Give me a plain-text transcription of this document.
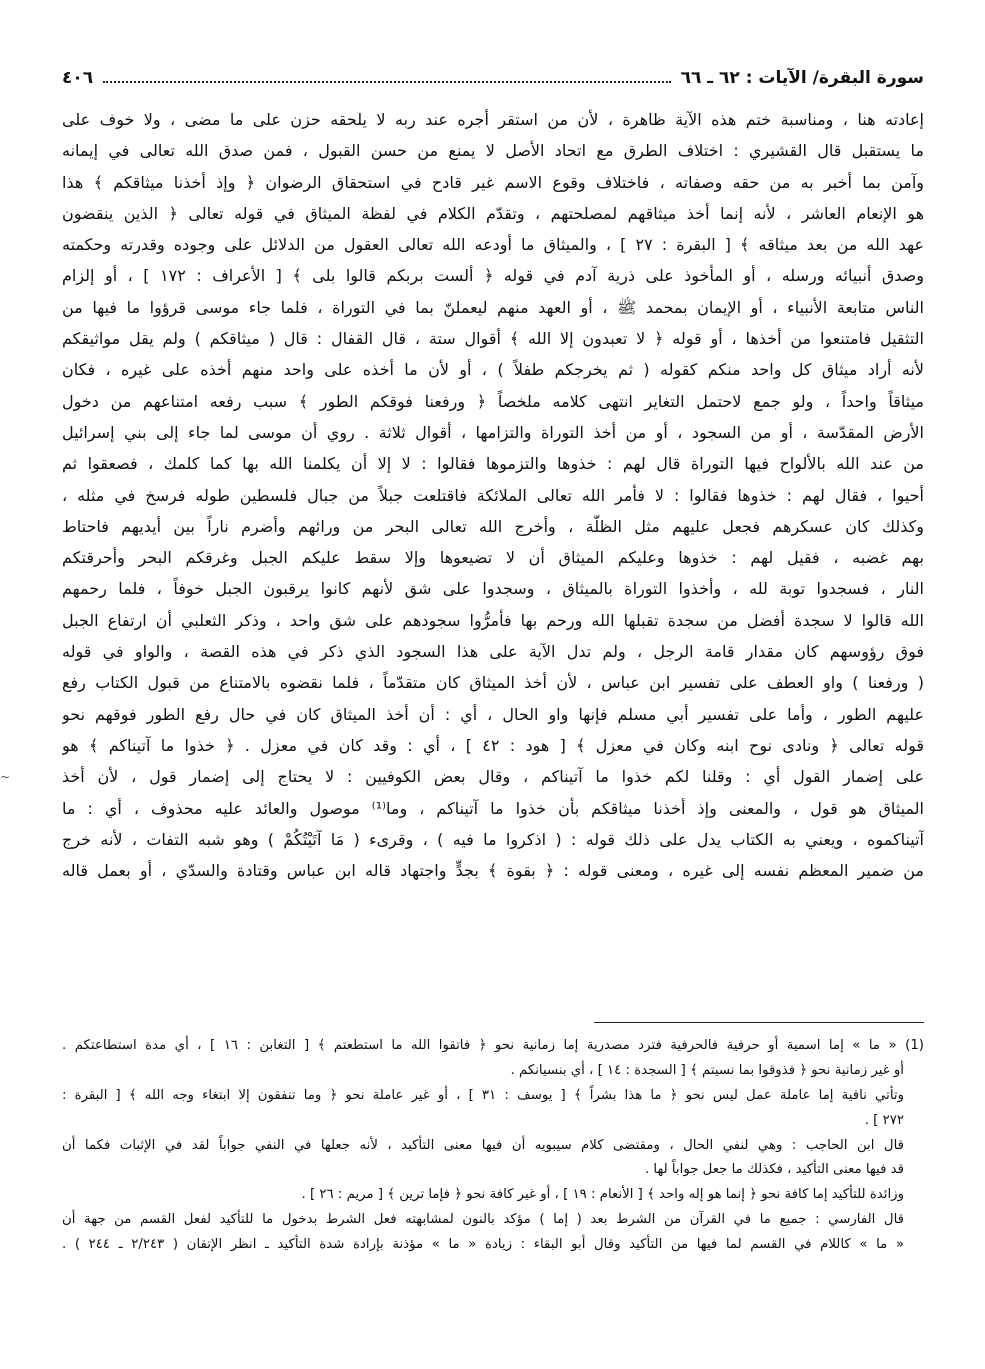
سورة البقرة/ الآيات : ٦٢ ـ ٦٦
٤٠٦
إعادته هنا ، ومناسبة ختم هذه الآية ظاهرة ، لأن من استقر أجره عند ربه لا يلحقه حزن على ما مضى ، ولا خوف على
ما يستقبل قال القشيري : اختلاف الطرق مع اتحاد الأصل لا يمنع من حسن القبول ، فمن صدق الله تعالى في إيمانه
وآمن بما أخبر به من حقه وصفاته ، فاختلاف وقوع الاسم غير قادح في استحقاق الرضوان ﴿ وإذ أخذنا ميثاقكم ﴾ هذا
هو الإنعام العاشر ، لأنه إنما أخذ ميثاقهم لمصلحتهم ، وتقدّم الكلام في لفظة الميثاق في قوله تعالى ﴿ الذين ينقضون
عهد الله من بعد ميثاقه ﴾ [ البقرة : ٢٧ ] ، والميثاق ما أودعه الله تعالى العقول من الدلائل على وجوده وقدرته وحكمته
وصدق أنبيائه ورسله ، أو المأخوذ على ذرية آدم في قوله ﴿ ألست بربكم قالوا بلى ﴾ [ الأعراف : ١٧٢ ] ، أو إلزام
الناس متابعة الأنبياء ، أو الإيمان بمحمد ﷺ ، أو العهد منهم ليعملنّ بما في التوراة ، فلما جاء موسى قرؤوا ما فيها من
التثقيل فامتنعوا من أخذها ، أو قوله ﴿ لا تعبدون إلا الله ﴾ أقوال ستة ، قال القفال : قال ( ميثاقكم ) ولم يقل مواثيقكم
لأنه أراد ميثاق كل واحد منكم كقوله ( ثم يخرجكم طفلاً ) ، أو لأن ما أخذه على واحد منهم أخذه على غيره ، فكان
ميثاقاً واحداً ، ولو جمع لاحتمل التغاير انتهى كلامه ملخصاً ﴿ ورفعنا فوقكم الطور ﴾ سبب رفعه امتناعهم من دخول
الأرض المقدّسة ، أو من السجود ، أو من أخذ التوراة والتزامها ، أقوال ثلاثة . روي أن موسى لما جاء إلى بني إسرائيل
من عند الله بالألواح فيها التوراة قال لهم : خذوها والتزموها فقالوا : لا إلا أن يكلمنا الله بها كما كلمك ، فصعقوا ثم
أحيوا ، فقال لهم : خذوها فقالوا : لا فأمر الله تعالى الملائكة فاقتلعت جبلاً من جبال فلسطين طوله فرسخ في مثله ،
وكذلك كان عسكرهم فجعل عليهم مثل الظلّة ، وأخرج الله تعالى البحر من ورائهم وأضرم ناراً بين أيديهم فاحتاط
بهم غضبه ، فقيل لهم : خذوها وعليكم الميثاق أن لا تضيعوها وإلا سقط عليكم الجبل وغرقكم البحر وأحرقتكم
النار ، فسجدوا توبة لله ، وأخذوا التوراة بالميثاق ، وسجدوا على شق لأنهم كانوا يرقبون الجبل خوفاً ، فلما رحمهم
الله قالوا لا سجدة أفضل من سجدة تقبلها الله ورحم بها فأمرُّوا سجودهم على شق واحد ، وذكر الثعلبي أن ارتفاع الجبل
فوق رؤوسهم كان مقدار قامة الرجل ، ولم تدل الآية على هذا السجود الذي ذكر في هذه القصة ، والواو في قوله
( ورفعنا ) واو العطف على تفسير ابن عباس ، لأن أخذ الميثاق كان متقدّماً ، فلما نقضوه بالامتناع من قبول الكتاب رفع
عليهم الطور ، وأما على تفسير أبي مسلم فإنها واو الحال ، أي : أن أخذ الميثاق كان في حال رفع الطور فوقهم نحو
قوله تعالى ﴿ ونادى نوح ابنه وكان في معزل ﴾ [ هود : ٤٢ ] ، أي : وقد كان في معزل . ﴿ خذوا ما آتيناكم ﴾ هو
على إضمار القول أي : وقلنا لكم خذوا ما آتيناكم ، وقال بعض الكوفيين : لا يحتاج إلى إضمار قول ، لأن أخذ
الميثاق هو قول ، والمعنى وإذ أخذنا ميثاقكم بأن خذوا ما آتيناكم ، وما⁽¹⁾ موصول والعائد عليه محذوف ، أي : ما
آتيناكموه ، ويعني به الكتاب يدل على ذلك قوله : ( اذكروا ما فيه ) ، وقرىء ( مَا آتَيْتُكُمْ ) وهو شبه التفات ، لأنه خرج
من ضمير المعظم نفسه إلى غيره ، ومعنى قوله : ﴿ بقوة ﴾ بجدٍّ واجتهاد قاله ابن عباس وقتادة والسدّي ، أو بعمل قاله
(1) « ما » إما اسمية أو حرفية فالحرفية فترد مصدرية إما زمانية نحو ﴿ فاتقوا الله ما استطعتم ﴾ [ التغابن : ١٦ ] ، أي مدة استطاعتكم .
أو غير زمانية نحو ﴿ فذوقوا بما نسيتم ﴾ [ السجدة : ١٤ ] ، أي بنسيانكم .
وتأتي نافية إما عاملة عمل ليس نحو ﴿ ما هذا بشراً ﴾ [ يوسف : ٣١ ] ، أو غير عاملة نحو ﴿ وما تنفقون إلا ابتغاء وجه الله ﴾ [ البقرة :
٢٧٢ ] .
قال ابن الحاجب : وهي لنفي الحال ، ومقتضى كلام سيبويه أن فيها معنى التأكيد ، لأنه جعلها في النفي جواباً لقد في الإثبات فكما أن
قد فيها معنى التأكيد ، فكذلك ما جعل جواباً لها .
وزائدة للتأكيد إما كافة نحو ﴿ إنما هو إله واحد ﴾ [ الأنعام : ١٩ ] ، أو غير كافة نحو ﴿ فإما ترين ﴾ [ مريم : ٢٦ ] .
قال الفارسي : جميع ما في القرآن من الشرط بعد ( إما ) مؤكد بالنون لمشابهته فعل الشرط بدخول ما للتأكيد لفعل القسم من جهة أن
« ما » كاللام في القسم لما فيها من التأكيد وقال أبو البقاء : زيادة « ما » مؤذنة بإرادة شدة التأكيد ـ انظر الإتقان ( ٢/٢٤٣ ـ ٢٤٤ ) .
~
